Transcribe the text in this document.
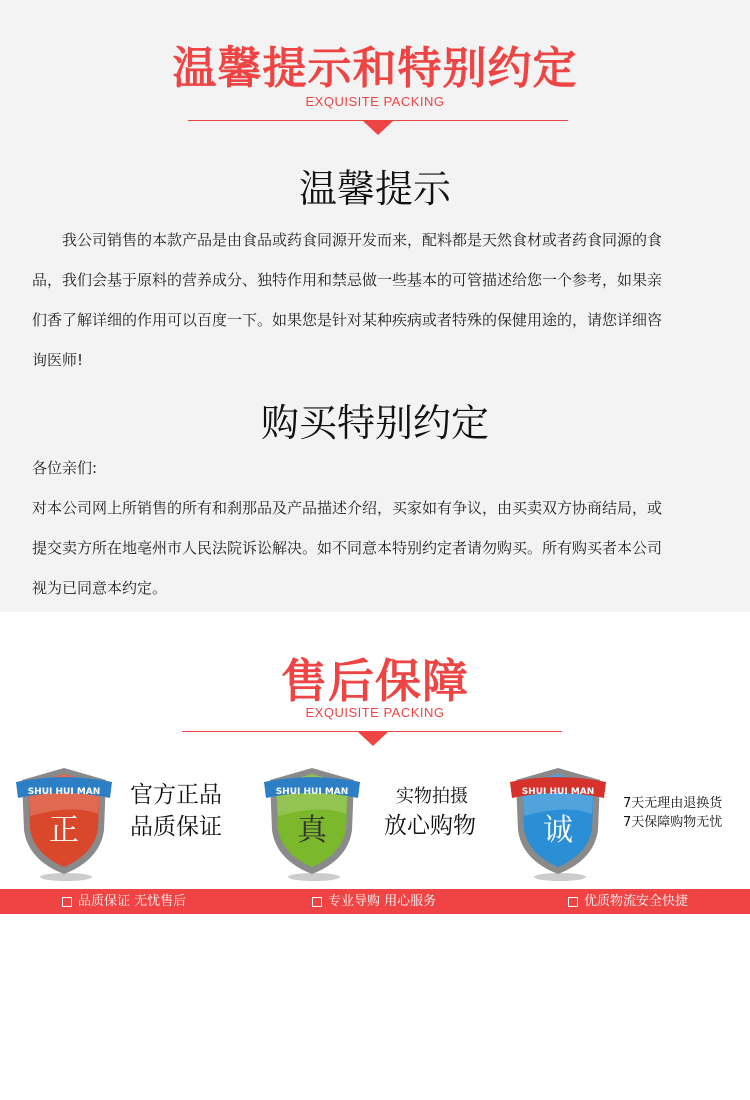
温馨提示和特别约定
EXQUISITE PACKING
温馨提示

我公司销售的本款产品是由食品或药食同源开发而来，配料都是天然食材或者药食同源的食

品，我们会基于原料的营养成分、独特作用和禁忌做一些基本的可管描述给您一个参考，如果亲

们香了解详细的作用可以百度一下。如果您是针对某种疾病或者特殊的保健用途的，请您详细咨

询医师!

购买特别约定

各位亲们:

对本公司网上所销售的所有和刹那品及产品描述介绍，买家如有争议，由买卖双方协商结局，或

提交卖方所在地亳州市人民法院诉讼解决。如不同意本特别约定者请勿购买。所有购买者本公司

视为已同意本约定。

售后保障
EXQUISITE PACKING
SHUI HUI MAN
正
官方正品
品质保证
SHUI HUI MAN
真
实物拍摄
放心购物
SHUI HUI MAN
诚
7天无理由退换货
7天保障购物无忧
品质保证 无忧售后	专业导购 用心服务	优质物流安全快捷
